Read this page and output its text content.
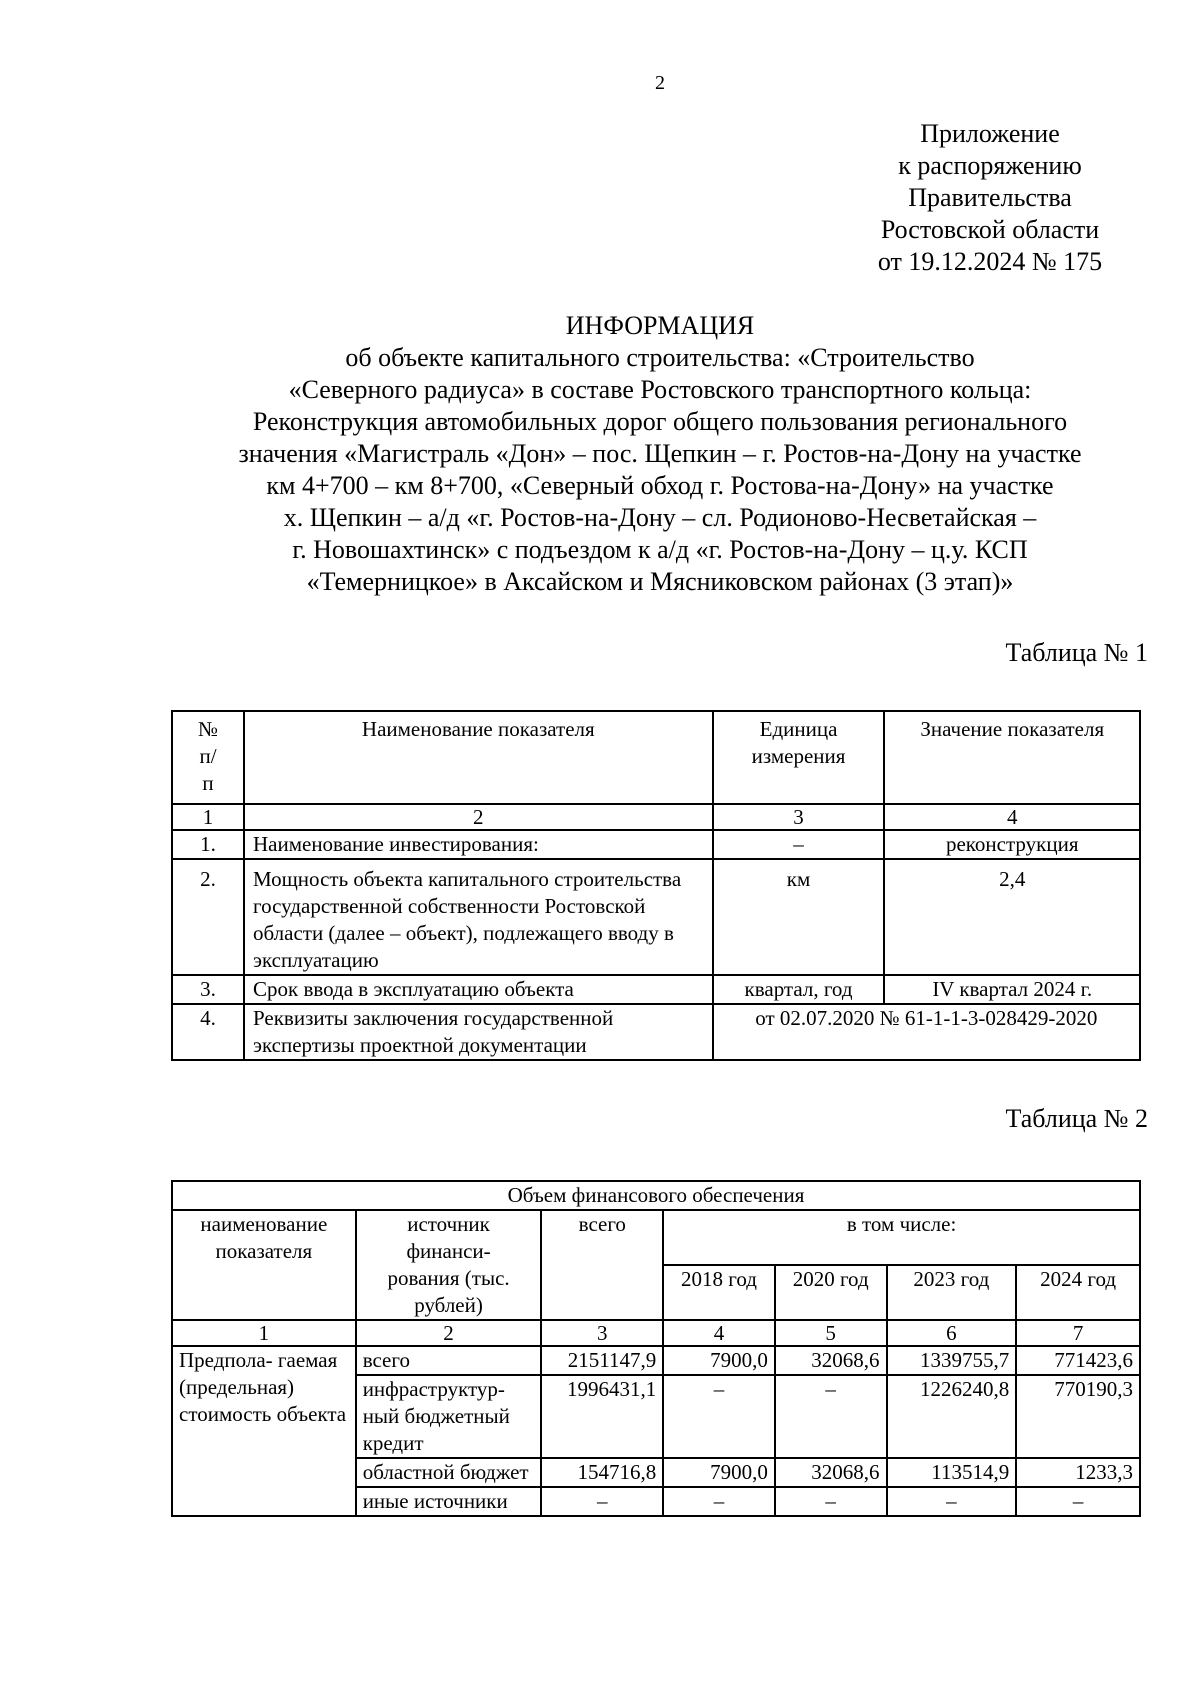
2
Приложение
к распоряжению
Правительства
Ростовской области
от 19.12.2024 № 175
ИНФОРМАЦИЯ
об объекте капитального строительства: «Строительство
«Северного радиуса» в составе Ростовского транспортного кольца:
Реконструкция автомобильных дорог общего пользования регионального
значения «Магистраль «Дон» – пос. Щепкин – г. Ростов-на-Дону на участке
км 4+700 – км 8+700, «Северный обход г. Ростова-на-Дону» на участке
х. Щепкин – а/д «г. Ростов-на-Дону – сл. Родионово-Несветайская –
г. Новошахтинск» с подъездом к а/д «г. Ростов-на-Дону – ц.у. КСП
«Темерницкое» в Аксайском и Мясниковском районах (3 этап)»
Таблица № 1
№ п/п	Наименование показателя	Единица измерения	Значение показателя
1	2	3	4
1.	Наименование инвестирования:	–	реконструкция
2.	Мощность объекта капитального строительства государственной собственности Ростовской области (далее – объект), подлежащего вводу в эксплуатацию	км	2,4
3.	Срок ввода в эксплуатацию объекта	квартал, год	IV квартал 2024 г.
4.	Реквизиты заключения государственной экспертизы проектной документации	от 02.07.2020 № 61-1-1-3-028429-2020	
Таблица № 2
Объем финансового обеспечения						
наименование показателя	источник финанси- рования (тыс. рублей)	всего	в том числе:			
			2018 год	2020 год	2023 год	2024 год
1	2	3	4	5	6	7
Предпола- гаемая (предельная) стоимость объекта	всего	2151147,9	7900,0	32068,6	1339755,7	771423,6
	инфраструктур- ный бюджетный кредит	1996431,1	–	–	1226240,8	770190,3
	областной бюджет	154716,8	7900,0	32068,6	113514,9	1233,3
	иные источники	–	–	–	–	–
